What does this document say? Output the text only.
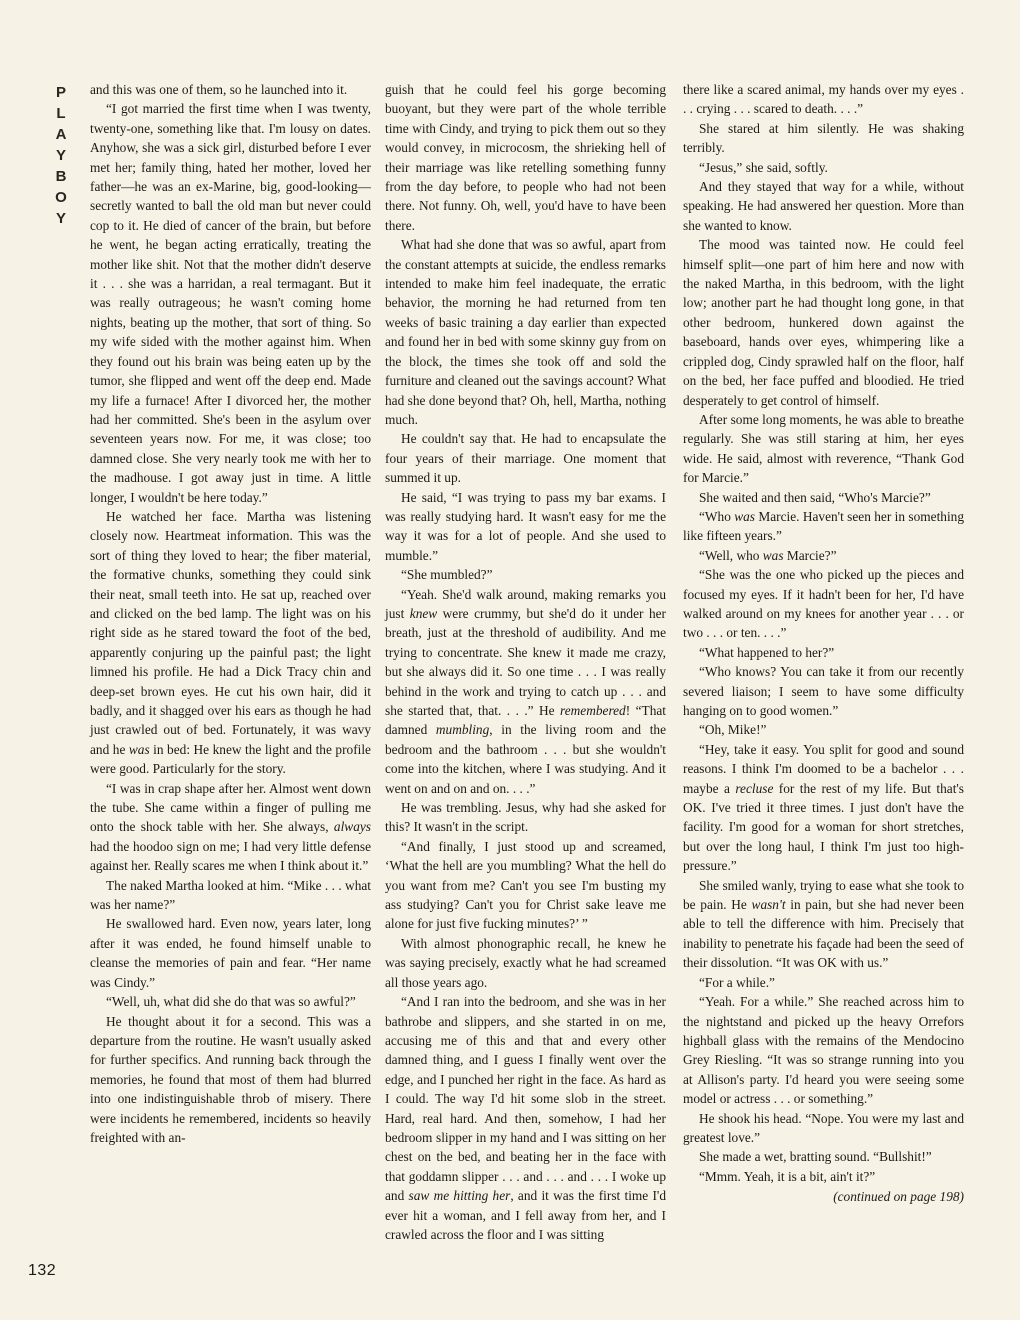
P
L
A
Y
B
O
Y
132

and this was one of them, so he launched into it.

“I got married the first time when I was twenty, twenty-one, something like that. I'm lousy on dates. Anyhow, she was a sick girl, disturbed before I ever met her; family thing, hated her mother, loved her father—he was an ex-Marine, big, good-looking—secretly wanted to ball the old man but never could cop to it. He died of cancer of the brain, but before he went, he began acting erratically, treating the mother like shit. Not that the mother didn't deserve it . . . she was a harridan, a real termagant. But it was really outrageous; he wasn't coming home nights, beating up the mother, that sort of thing. So my wife sided with the mother against him. When they found out his brain was being eaten up by the tumor, she flipped and went off the deep end. Made my life a furnace! After I divorced her, the mother had her committed. She's been in the asylum over seventeen years now. For me, it was close; too damned close. She very nearly took me with her to the madhouse. I got away just in time. A little longer, I wouldn't be here today.”

He watched her face. Martha was listening closely now. Heartmeat information. This was the sort of thing they loved to hear; the fiber material, the formative chunks, something they could sink their neat, small teeth into. He sat up, reached over and clicked on the bed lamp. The light was on his right side as he stared toward the foot of the bed, apparently conjuring up the painful past; the light limned his profile. He had a Dick Tracy chin and deep-set brown eyes. He cut his own hair, did it badly, and it shagged over his ears as though he had just crawled out of bed. Fortunately, it was wavy and he was in bed: He knew the light and the profile were good. Particularly for the story.

“I was in crap shape after her. Almost went down the tube. She came within a finger of pulling me onto the shock table with her. She always, always had the hoodoo sign on me; I had very little defense against her. Really scares me when I think about it.”

The naked Martha looked at him. “Mike . . . what was her name?”

He swallowed hard. Even now, years later, long after it was ended, he found himself unable to cleanse the memories of pain and fear. “Her name was Cindy.”

“Well, uh, what did she do that was so awful?”

He thought about it for a second. This was a departure from the routine. He wasn't usually asked for further specifics. And running back through the memories, he found that most of them had blurred into one indistinguishable throb of misery. There were incidents he remembered, incidents so heavily freighted with an-

guish that he could feel his gorge becoming buoyant, but they were part of the whole terrible time with Cindy, and trying to pick them out so they would convey, in microcosm, the shrieking hell of their marriage was like retelling something funny from the day before, to people who had not been there. Not funny. Oh, well, you'd have to have been there.

What had she done that was so awful, apart from the constant attempts at suicide, the endless remarks intended to make him feel inadequate, the erratic behavior, the morning he had returned from ten weeks of basic training a day earlier than expected and found her in bed with some skinny guy from on the block, the times she took off and sold the furniture and cleaned out the savings account? What had she done beyond that? Oh, hell, Martha, nothing much.

He couldn't say that. He had to encapsulate the four years of their marriage. One moment that summed it up.

He said, “I was trying to pass my bar exams. I was really studying hard. It wasn't easy for me the way it was for a lot of people. And she used to mumble.”

“She mumbled?”

“Yeah. She'd walk around, making remarks you just knew were crummy, but she'd do it under her breath, just at the threshold of audibility. And me trying to concentrate. She knew it made me crazy, but she always did it. So one time . . . I was really behind in the work and trying to catch up . . . and she started that, that. . . .” He remembered! “That damned mumbling, in the living room and the bedroom and the bathroom . . . but she wouldn't come into the kitchen, where I was studying. And it went on and on and on. . . .”

He was trembling. Jesus, why had she asked for this? It wasn't in the script.

“And finally, I just stood up and screamed, ‘What the hell are you mumbling? What the hell do you want from me? Can't you see I'm busting my ass studying? Can't you for Christ sake leave me alone for just five fucking minutes?’ ”

With almost phonographic recall, he knew he was saying precisely, exactly what he had screamed all those years ago.

“And I ran into the bedroom, and she was in her bathrobe and slippers, and she started in on me, accusing me of this and that and every other damned thing, and I guess I finally went over the edge, and I punched her right in the face. As hard as I could. The way I'd hit some slob in the street. Hard, real hard. And then, somehow, I had her bedroom slipper in my hand and I was sitting on her chest on the bed, and beating her in the face with that goddamn slipper . . . and . . . and . . . I woke up and saw me hitting her, and it was the first time I'd ever hit a woman, and I fell away from her, and I crawled across the floor and I was sitting

there like a scared animal, my hands over my eyes . . . crying . . . scared to death. . . .”

She stared at him silently. He was shaking terribly.

“Jesus,” she said, softly.

And they stayed that way for a while, without speaking. He had answered her question. More than she wanted to know.

The mood was tainted now. He could feel himself split—one part of him here and now with the naked Martha, in this bedroom, with the light low; another part he had thought long gone, in that other bedroom, hunkered down against the baseboard, hands over eyes, whimpering like a crippled dog, Cindy sprawled half on the floor, half on the bed, her face puffed and bloodied. He tried desperately to get control of himself.

After some long moments, he was able to breathe regularly. She was still staring at him, her eyes wide. He said, almost with reverence, “Thank God for Marcie.”

She waited and then said, “Who's Marcie?”

“Who was Marcie. Haven't seen her in something like fifteen years.”

“Well, who was Marcie?”

“She was the one who picked up the pieces and focused my eyes. If it hadn't been for her, I'd have walked around on my knees for another year . . . or two . . . or ten. . . .”

“What happened to her?”

“Who knows? You can take it from our recently severed liaison; I seem to have some difficulty hanging on to good women.”

“Oh, Mike!”

“Hey, take it easy. You split for good and sound reasons. I think I'm doomed to be a bachelor . . . maybe a recluse for the rest of my life. But that's OK. I've tried it three times. I just don't have the facility. I'm good for a woman for short stretches, but over the long haul, I think I'm just too high-pressure.”

She smiled wanly, trying to ease what she took to be pain. He wasn't in pain, but she had never been able to tell the difference with him. Precisely that inability to penetrate his façade had been the seed of their dissolution. “It was OK with us.”

“For a while.”

“Yeah. For a while.” She reached across him to the nightstand and picked up the heavy Orrefors highball glass with the remains of the Mendocino Grey Riesling. “It was so strange running into you at Allison's party. I'd heard you were seeing some model or actress . . . or something.”

He shook his head. “Nope. You were my last and greatest love.”

She made a wet, bratting sound. “Bullshit!”

“Mmm. Yeah, it is a bit, ain't it?”

(continued on page 198)
